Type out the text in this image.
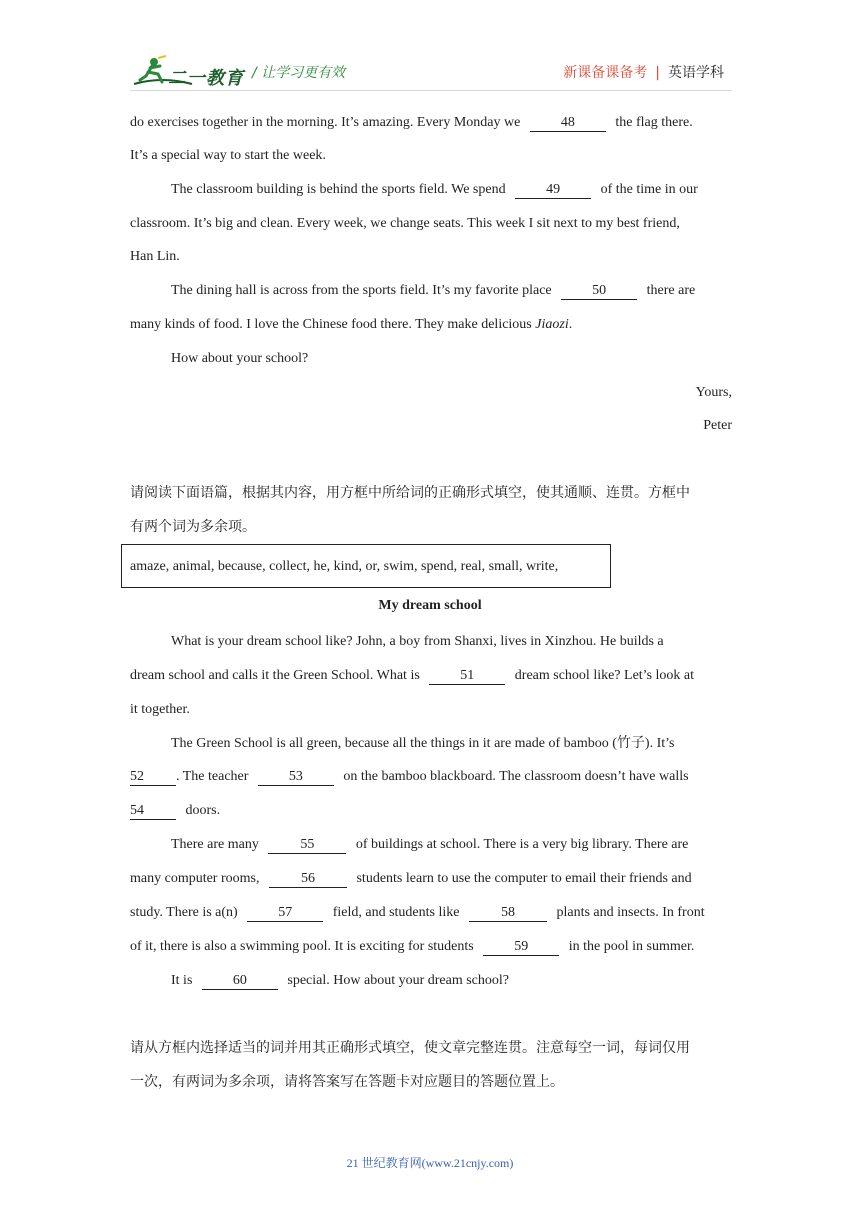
二一教育 / 让学习更有效	新课备课备考 | 英语学科
do exercises together in the morning. It’s amazing. Every Monday we	48	the flag there.
It’s a special way to start the week.
The classroom building is behind the sports field. We spend	49	of the time in our
classroom. It’s big and clean. Every week, we change seats. This week I sit next to my best friend,
Han Lin.
The dining hall is across from the sports field. It’s my favorite place	50	there are
many kinds of food. I love the Chinese food there. They make delicious Jiaozi.
How about your school?
Yours,
Peter
请阅读下面语篇，根据其内容，用方框中所给词的正确形式填空，使其通顺、连贯。方框中
有两个词为多余项。
amaze, animal, because, collect, he, kind, or, swim, spend, real, small, write,
My dream school
What is your dream school like? John, a boy from Shanxi, lives in Xinzhou. He builds a
dream school and calls it the Green School. What is	51	dream school like? Let’s look at
it together.
The Green School is all green, because all the things in it are made of bamboo (竹子). It’s
52 . The teacher	53	on the bamboo blackboard. The classroom doesn’t have walls
54	doors.
There are many	55	of buildings at school. There is a very big library. There are
many computer rooms,	56	students learn to use the computer to email their friends and
study. There is a(n)	57	field, and students like	58	plants and insects. In front
of it, there is also a swimming pool. It is exciting for students	59	in the pool in summer.
It is	60	special. How about your dream school?
请从方框内选择适当的词并用其正确形式填空，使文章完整连贯。注意每空一词，每词仅用
一次，有两词为多余项，请将答案写在答题卡对应题目的答题位置上。
21 世纪教育网(www.21cnjy.com)
